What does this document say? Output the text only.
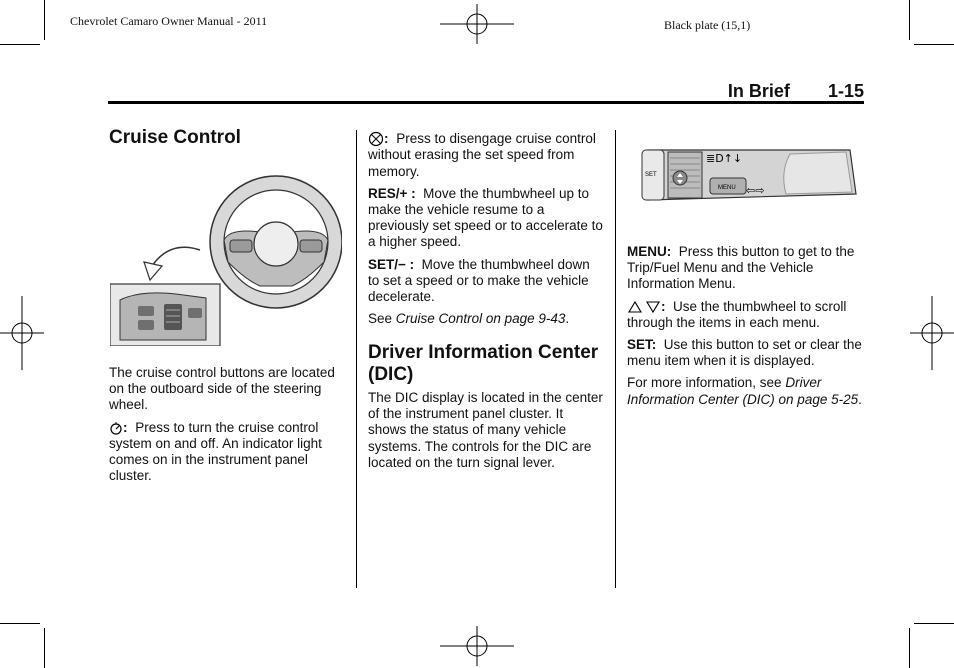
Chevrolet Camaro Owner Manual - 2011	Black plate (15,1)
In Brief 1-15
Cruise Control

The cruise control buttons are located on the outboard side of the steering wheel.

: Press to turn the cruise control system on and off. An indicator light comes on in the instrument panel cluster.

: Press to disengage cruise control without erasing the set speed from memory.

RES/+ : Move the thumbwheel up to make the vehicle resume to a previously set speed or to accelerate to a higher speed.

SET/− : Move the thumbwheel down to set a speed or to make the vehicle decelerate.

See Cruise Control on page 9-43.

Driver Information Center (DIC)

The DIC display is located in the center of the instrument panel cluster. It shows the status of many vehicle systems. The controls for the DIC are located on the turn signal lever.

SET
MENU
≣D↑↓
⇦⇨

MENU: Press this button to get to the Trip/Fuel Menu and the Vehicle Information Menu.

: Use the thumbwheel to scroll through the items in each menu.

SET: Use this button to set or clear the menu item when it is displayed.

For more information, see Driver Information Center (DIC) on page 5-25.
